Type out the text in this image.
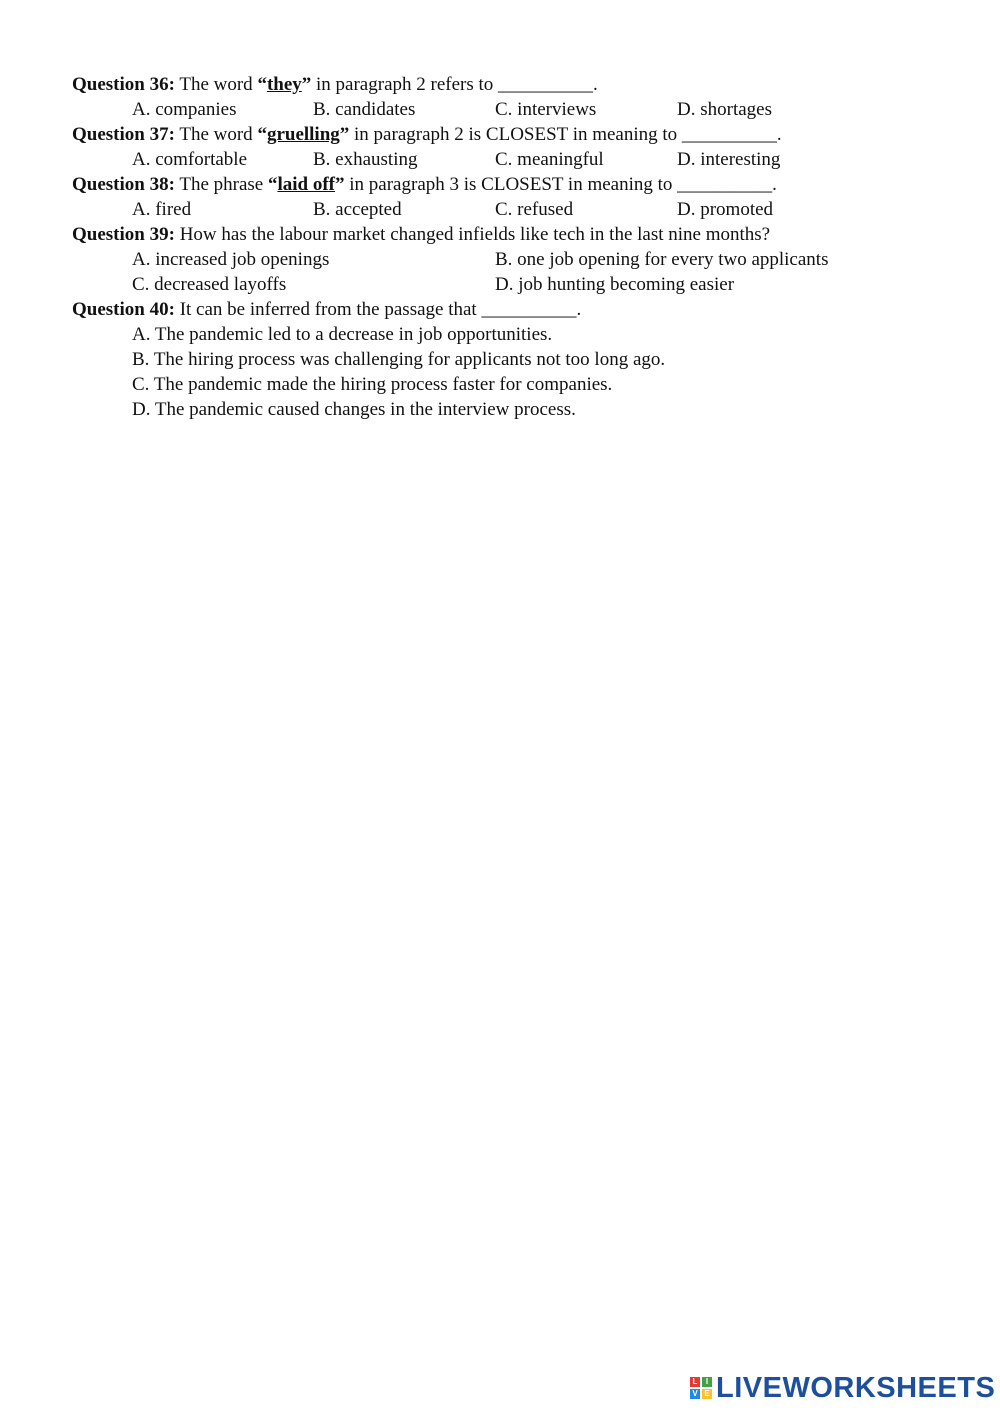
Question 36: The word “they” in paragraph 2 refers to __________.
A. companies	B. candidates	C. interviews	D. shortages
Question 37: The word “gruelling” in paragraph 2 is CLOSEST in meaning to __________.
A. comfortable	B. exhausting	C. meaningful	D. interesting
Question 38: The phrase “laid off” in paragraph 3 is CLOSEST in meaning to __________.
A. fired	B. accepted	C. refused	D. promoted
Question 39: How has the labour market changed infields like tech in the last nine months?
A. increased job openings	B. one job opening for every two applicants
C. decreased layoffs	D. job hunting becoming easier
Question 40: It can be inferred from the passage that __________.
A. The pandemic led to a decrease in job opportunities.
B. The hiring process was challenging for applicants not too long ago.
C. The pandemic made the hiring process faster for companies.
D. The pandemic caused changes in the interview process.
L	I
V E LIVEWORKSHEETS
